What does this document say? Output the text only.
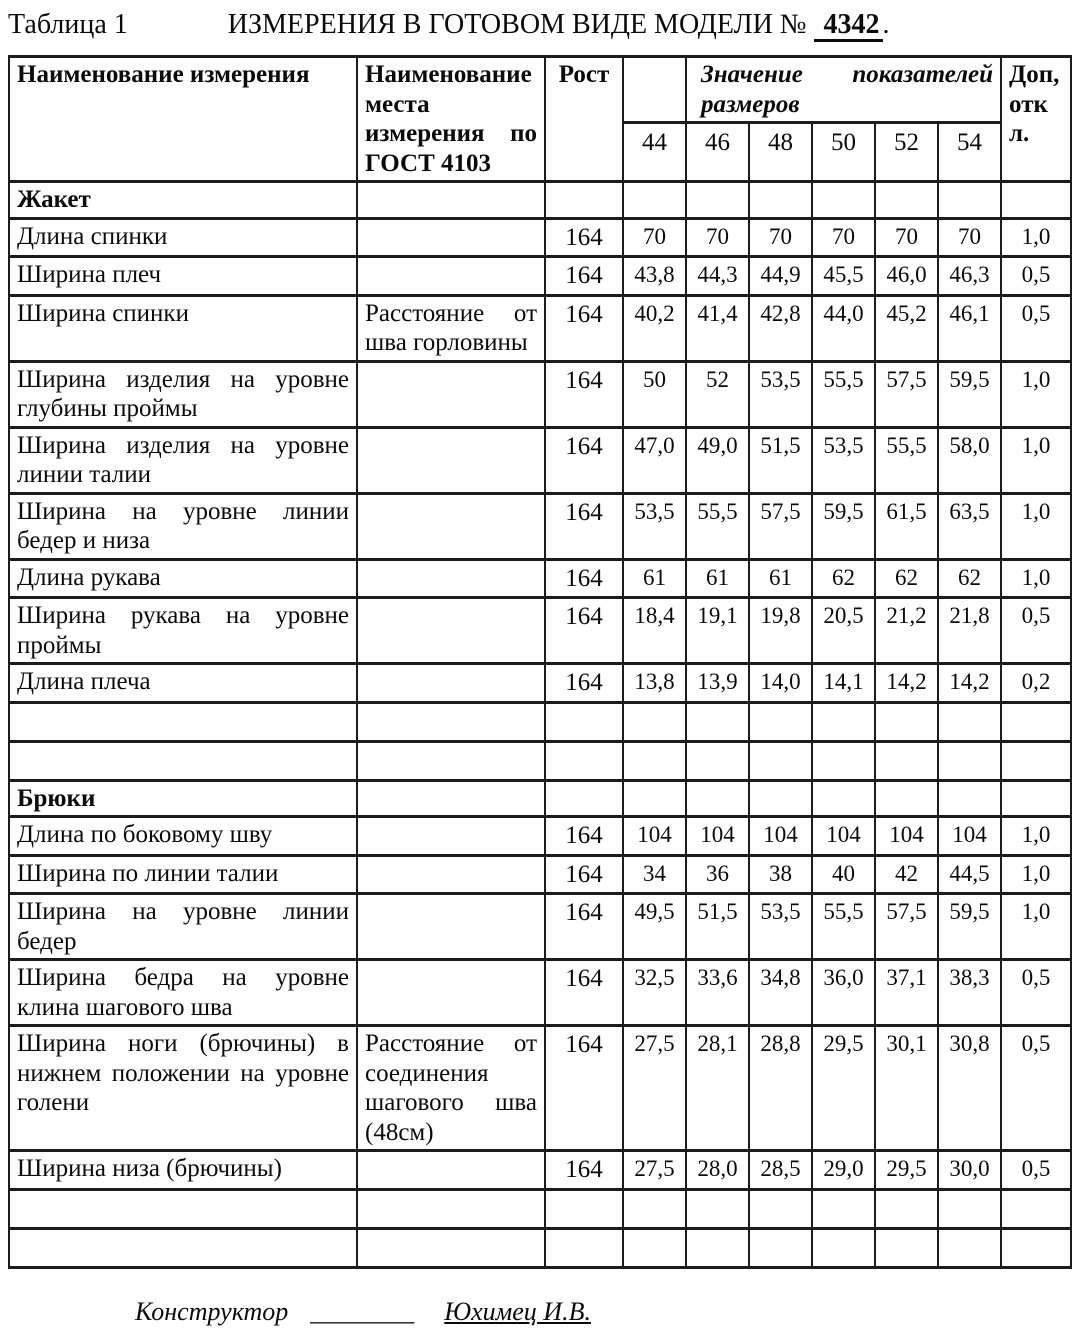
Таблица 1	ИЗМЕРЕНИЯ В ГОТОВОМ ВИДЕ МОДЕЛИ № 4342 .
Наименование измерения	Наименование места измерения по ГОСТ 4103	Рост		Значение показателей размеров					Доп, откл.
			44	46	48	50	52	54	
Жакет									
Длина спинки		164	70	70	70	70	70	70	1,0
Ширина плеч		164	43,8	44,3	44,9	45,5	46,0	46,3	0,5
Ширина спинки	Расстояние от шва горловины	164	40,2	41,4	42,8	44,0	45,2	46,1	0,5
Ширина изделия на уровне глубины проймы		164	50	52	53,5	55,5	57,5	59,5	1,0
Ширина изделия на уровне линии талии		164	47,0	49,0	51,5	53,5	55,5	58,0	1,0
Ширина на уровне линии бедер и низа		164	53,5	55,5	57,5	59,5	61,5	63,5	1,0
Длина рукава		164	61	61	61	62	62	62	1,0
Ширина рукава на уровне проймы		164	18,4	19,1	19,8	20,5	21,2	21,8	0,5
Длина плеча		164	13,8	13,9	14,0	14,1	14,2	14,2	0,2

Брюки									
Длина по боковому шву		164	104	104	104	104	104	104	1,0
Ширина по линии талии		164	34	36	38	40	42	44,5	1,0
Ширина на уровне линии бедер		164	49,5	51,5	53,5	55,5	57,5	59,5	1,0
Ширина бедра на уровне клина шагового шва		164	32,5	33,6	34,8	36,0	37,1	38,3	0,5
Ширина ноги (брючины) в нижнем положении на уровне голени	Расстояние от соединения шагового шва (48см)	164	27,5	28,1	28,8	29,5	30,1	30,8	0,5
Ширина низа (брючины)		164	27,5	28,0	28,5	29,0	29,5	30,0	0,5

Конструктор ________ Юхимец И.В.
